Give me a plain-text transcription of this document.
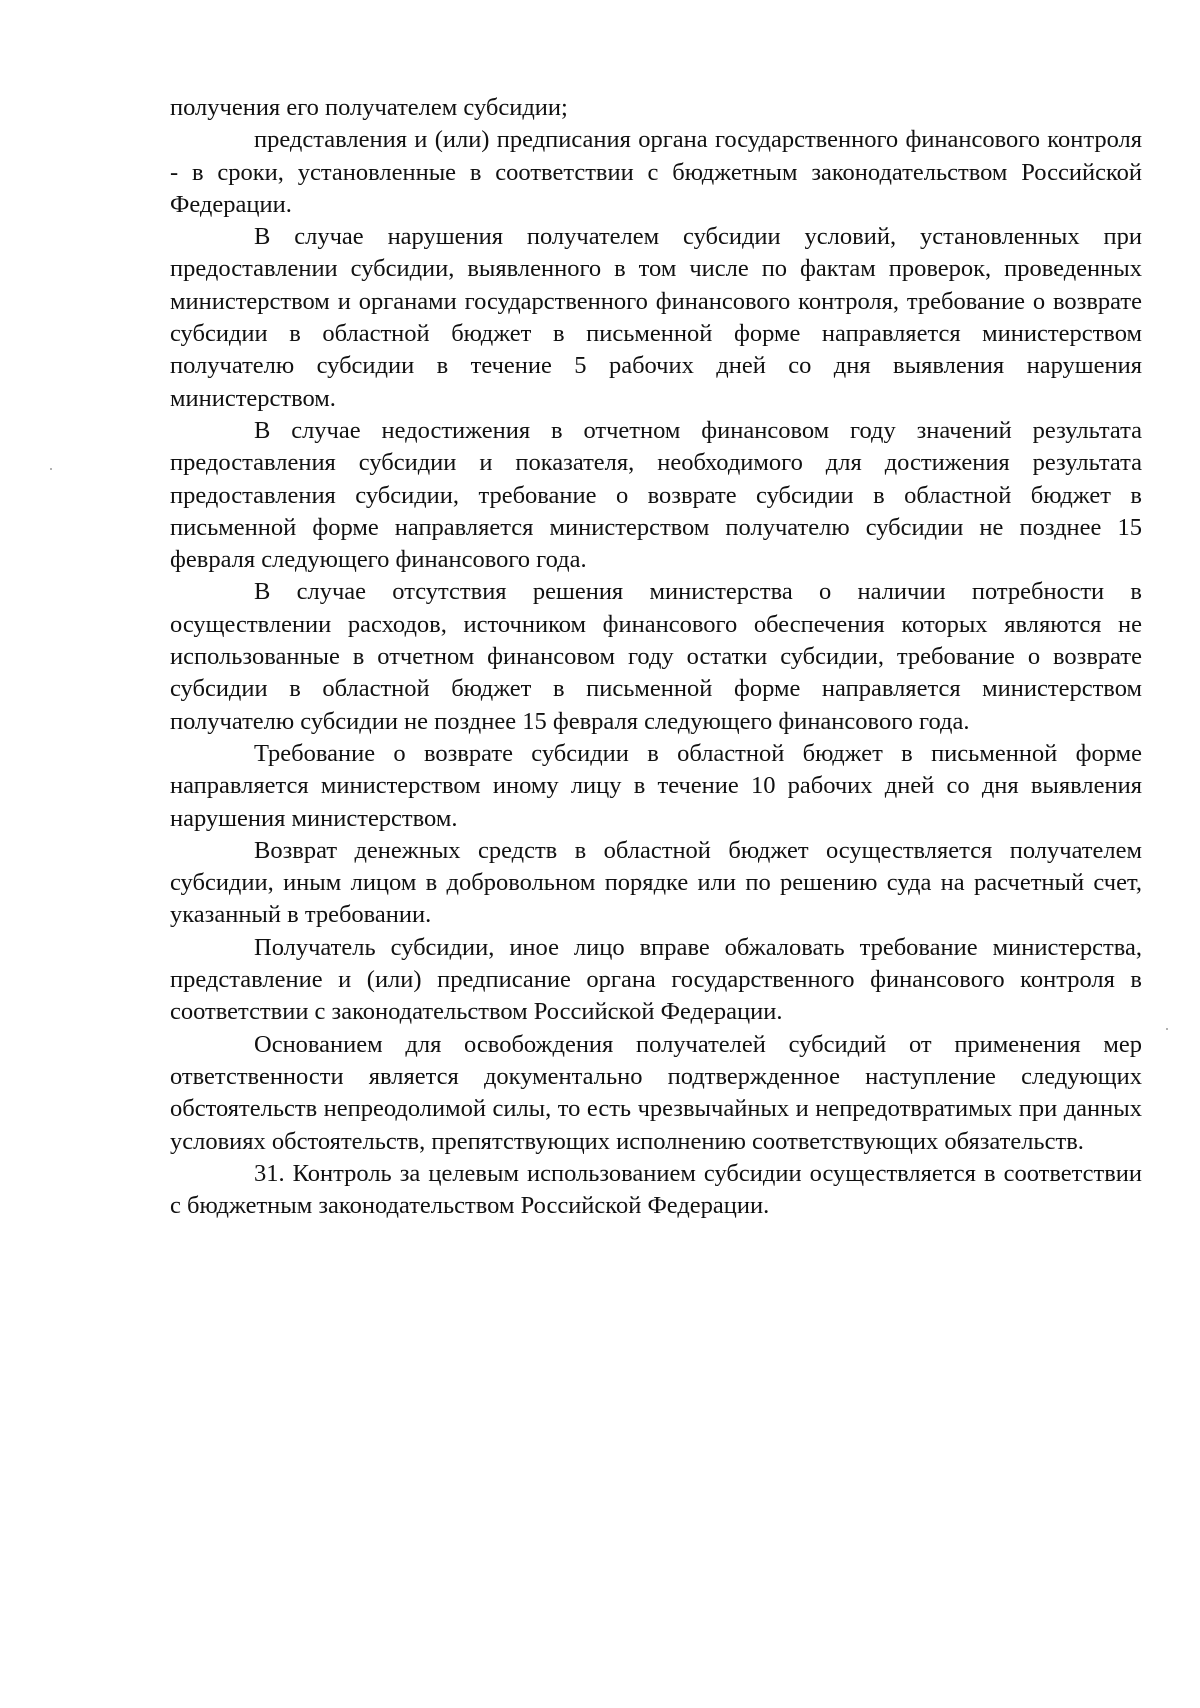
получения его получателем субсидии;

представления и (или) предписания органа государственного финансового контроля - в сроки, установленные в соответствии с бюджетным законодательством Российской Федерации.

В случае нарушения получателем субсидии условий, установленных при предоставлении субсидии, выявленного в том числе по фактам проверок, проведенных министерством и органами государственного финансового контроля, требование о возврате субсидии в областной бюджет в письменной форме направляется министерством получателю субсидии в течение 5 рабочих дней со дня выявления нарушения министерством.

В случае недостижения в отчетном финансовом году значений результата предоставления субсидии и показателя, необходимого для достижения результата предоставления субсидии, требование о возврате субсидии в областной бюджет в письменной форме направляется министерством получателю субсидии не позднее 15 февраля следующего финансового года.

В случае отсутствия решения министерства о наличии потребности в осуществлении расходов, источником финансового обеспечения которых являются не использованные в отчетном финансовом году остатки субсидии, требование о возврате субсидии в областной бюджет в письменной форме направляется министерством получателю субсидии не позднее 15 февраля следующего финансового года.

Требование о возврате субсидии в областной бюджет в письменной форме направляется министерством иному лицу в течение 10 рабочих дней со дня выявления нарушения министерством.

Возврат денежных средств в областной бюджет осуществляется получателем субсидии, иным лицом в добровольном порядке или по решению суда на расчетный счет, указанный в требовании.

Получатель субсидии, иное лицо вправе обжаловать требование министерства, представление и (или) предписание органа государственного финансового контроля в соответствии с законодательством Российской Федерации.

Основанием для освобождения получателей субсидий от применения мер ответственности является документально подтвержденное наступление следующих обстоятельств непреодолимой силы, то есть чрезвычайных и непредотвратимых при данных условиях обстоятельств, препятствующих исполнению соответствующих обязательств.

31. Контроль за целевым использованием субсидии осуществляется в соответствии с бюджетным законодательством Российской Федерации.
